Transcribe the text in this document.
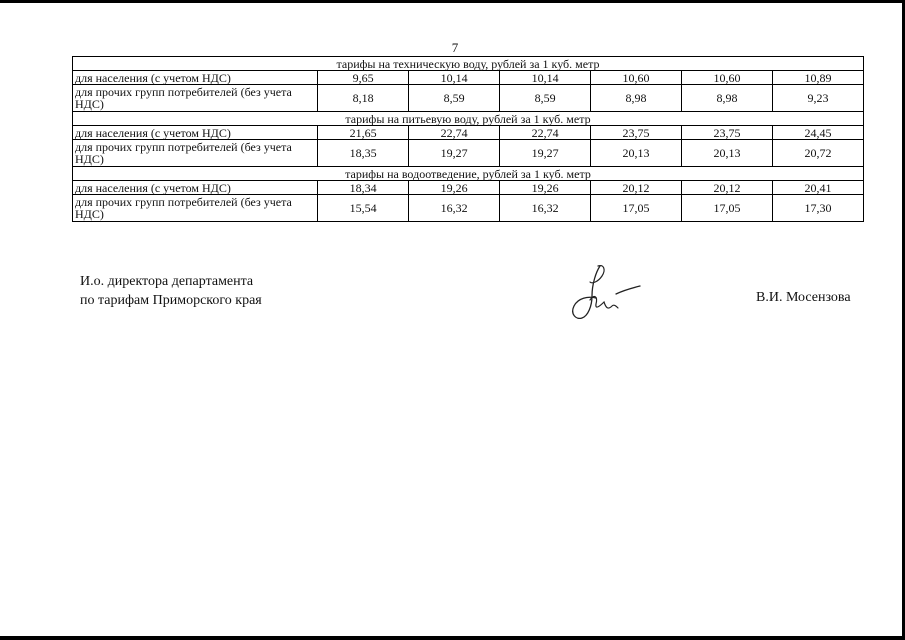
7
тарифы на техническую воду, рублей за 1 куб. метр						
для населения (с учетом НДС)	9,65	10,14	10,14	10,60	10,60	10,89
для прочих групп потребителей (без учета НДС)	8,18	8,59	8,59	8,98	8,98	9,23
тарифы на питьевую воду, рублей за 1 куб. метр						
для населения (с учетом НДС)	21,65	22,74	22,74	23,75	23,75	24,45
для прочих групп потребителей (без учета НДС)	18,35	19,27	19,27	20,13	20,13	20,72
тарифы на водоотведение, рублей за 1 куб. метр						
для населения (с учетом НДС)	18,34	19,26	19,26	20,12	20,12	20,41
для прочих групп потребителей (без учета НДС)	15,54	16,32	16,32	17,05	17,05	17,30
И.о. директора департамента
по тарифам Приморского края	В.И. Мосензова
